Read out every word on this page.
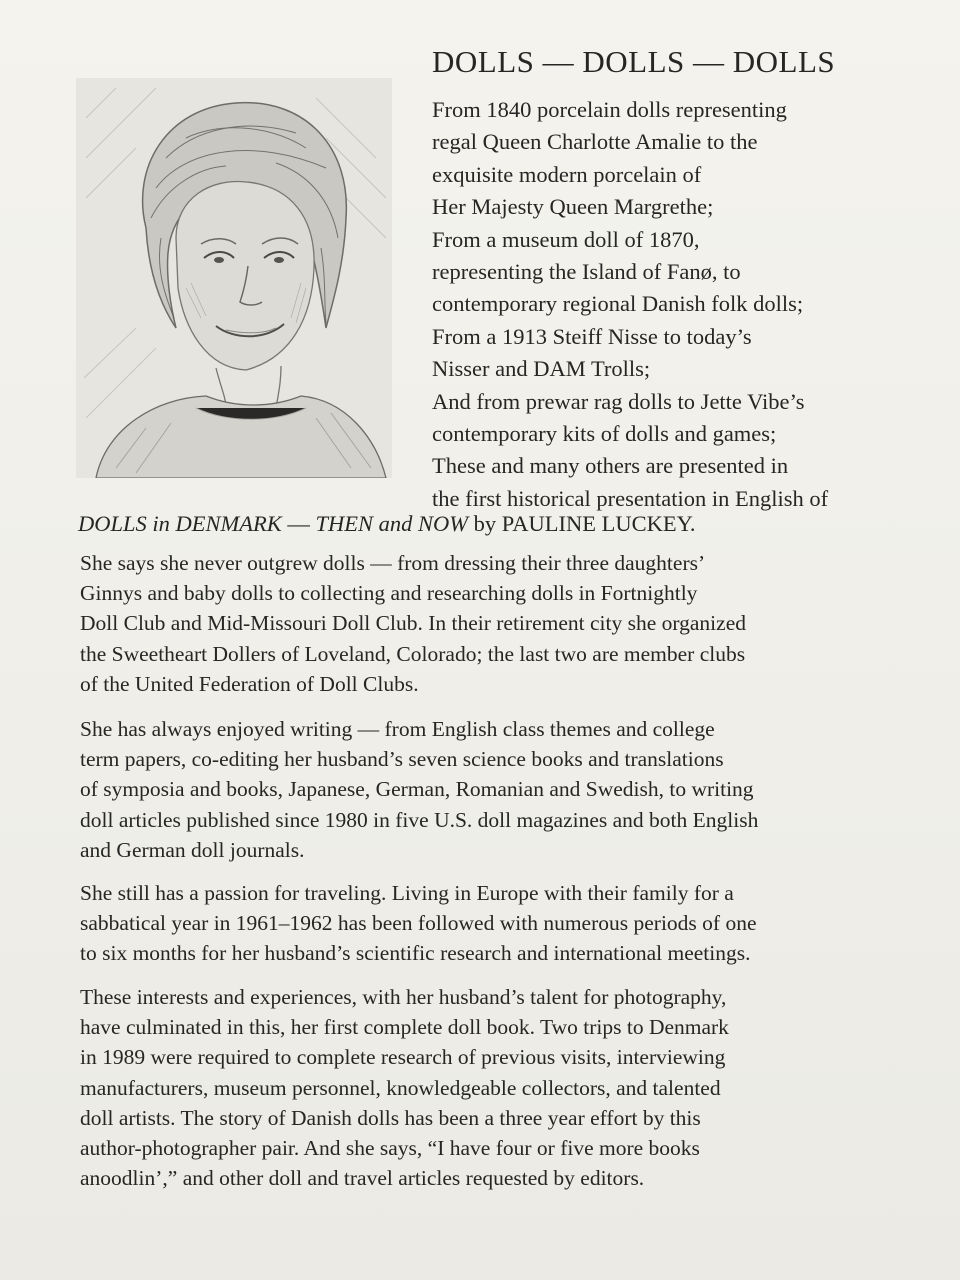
DOLLS — DOLLS — DOLLS
From 1840 porcelain dolls representing
regal Queen Charlotte Amalie to the
exquisite modern porcelain of
Her Majesty Queen Margrethe;
From a museum doll of 1870,
representing the Island of Fanø, to
contemporary regional Danish folk dolls;
From a 1913 Steiff Nisse to today’s
Nisser and DAM Trolls;
And from prewar rag dolls to Jette Vibe’s
contemporary kits of dolls and games;
These and many others are presented in
the first historical presentation in English of
DOLLS in DENMARK — THEN and NOW by PAULINE LUCKEY.
She says she never outgrew dolls — from dressing their three daughters’
Ginnys and baby dolls to collecting and researching dolls in Fortnightly
Doll Club and Mid-Missouri Doll Club. In their retirement city she organized
the Sweetheart Dollers of Loveland, Colorado; the last two are member clubs
of the United Federation of Doll Clubs.
She has always enjoyed writing — from English class themes and college
term papers, co-editing her husband’s seven science books and translations
of symposia and books, Japanese, German, Romanian and Swedish, to writing
doll articles published since 1980 in five U.S. doll magazines and both English
and German doll journals.
She still has a passion for traveling. Living in Europe with their family for a
sabbatical year in 1961–1962 has been followed with numerous periods of one
to six months for her husband’s scientific research and international meetings.
These interests and experiences, with her husband’s talent for photography,
have culminated in this, her first complete doll book. Two trips to Denmark
in 1989 were required to complete research of previous visits, interviewing
manufacturers, museum personnel, knowledgeable collectors, and talented
doll artists. The story of Danish dolls has been a three year effort by this
author-photographer pair. And she says, “I have four or five more books
anoodlin’,” and other doll and travel articles requested by editors.
